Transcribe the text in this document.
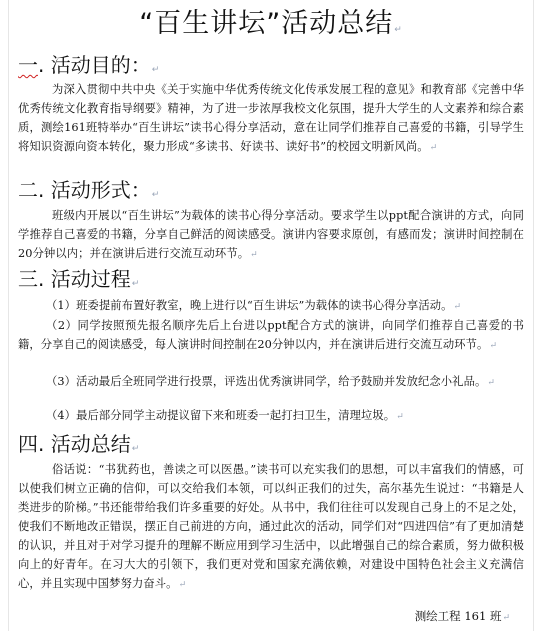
“百生讲坛”活动总结↵
一. 活动目的：↵
为深入贯彻中共中央《关于实施中华优秀传统文化传承发展工程的意见》和教育部《完善中华优秀传统文化教育指导纲要》精神，为了进一步浓厚我校文化氛围，提升大学生的人文素养和综合素质，测绘161班特举办“百生讲坛”读书心得分享活动，意在让同学们推荐自己喜爱的书籍，引导学生将知识资源向资本转化，聚力形成“多读书、好读书、读好书”的校园文明新风尚。↵
二. 活动形式：↵
班级内开展以“百生讲坛”为载体的读书心得分享活动。要求学生以ppt配合演讲的方式，向同学推荐自己喜爱的书籍，分享自己鲜活的阅读感受。演讲内容要求原创，有感而发；演讲时间控制在20分钟以内；并在演讲后进行交流互动环节。↵
三. 活动过程↵
（1）班委提前布置好教室，晚上进行以“百生讲坛”为载体的读书心得分享活动。↵
（2）同学按照预先报名顺序先后上台进以ppt配合方式的演讲，向同学们推荐自己喜爱的书籍，分享自己的阅读感受，每人演讲时间控制在20分钟以内，并在演讲后进行交流互动环节。↵
（3）活动最后全班同学进行投票，评选出优秀演讲同学，给予鼓励并发放纪念小礼品。↵
（4）最后部分同学主动提议留下来和班委一起打扫卫生，清理垃圾。↵
四. 活动总结↵
俗话说：“书犹药也，善读之可以医愚。”读书可以充实我们的思想，可以丰富我们的情感，可以使我们树立正确的信仰，可以交给我们本领，可以纠正我们的过失，高尔基先生说过：“书籍是人类进步的阶梯。”书还能带给我们许多重要的好处。从书中，我们往往可以发现自己身上的不足之处，使我们不断地改正错误，摆正自己前进的方向，通过此次的活动，同学们对“四进四信”有了更加清楚的认识，并且对于对学习提升的理解不断应用到学习生活中，以此增强自己的综合素质，努力做积极向上的好青年。在习大大的引领下，我们更对党和国家充满依赖，对建设中国特色社会主义充满信心，并且实现中国梦努力奋斗。↵
测绘工程 161 班↵
